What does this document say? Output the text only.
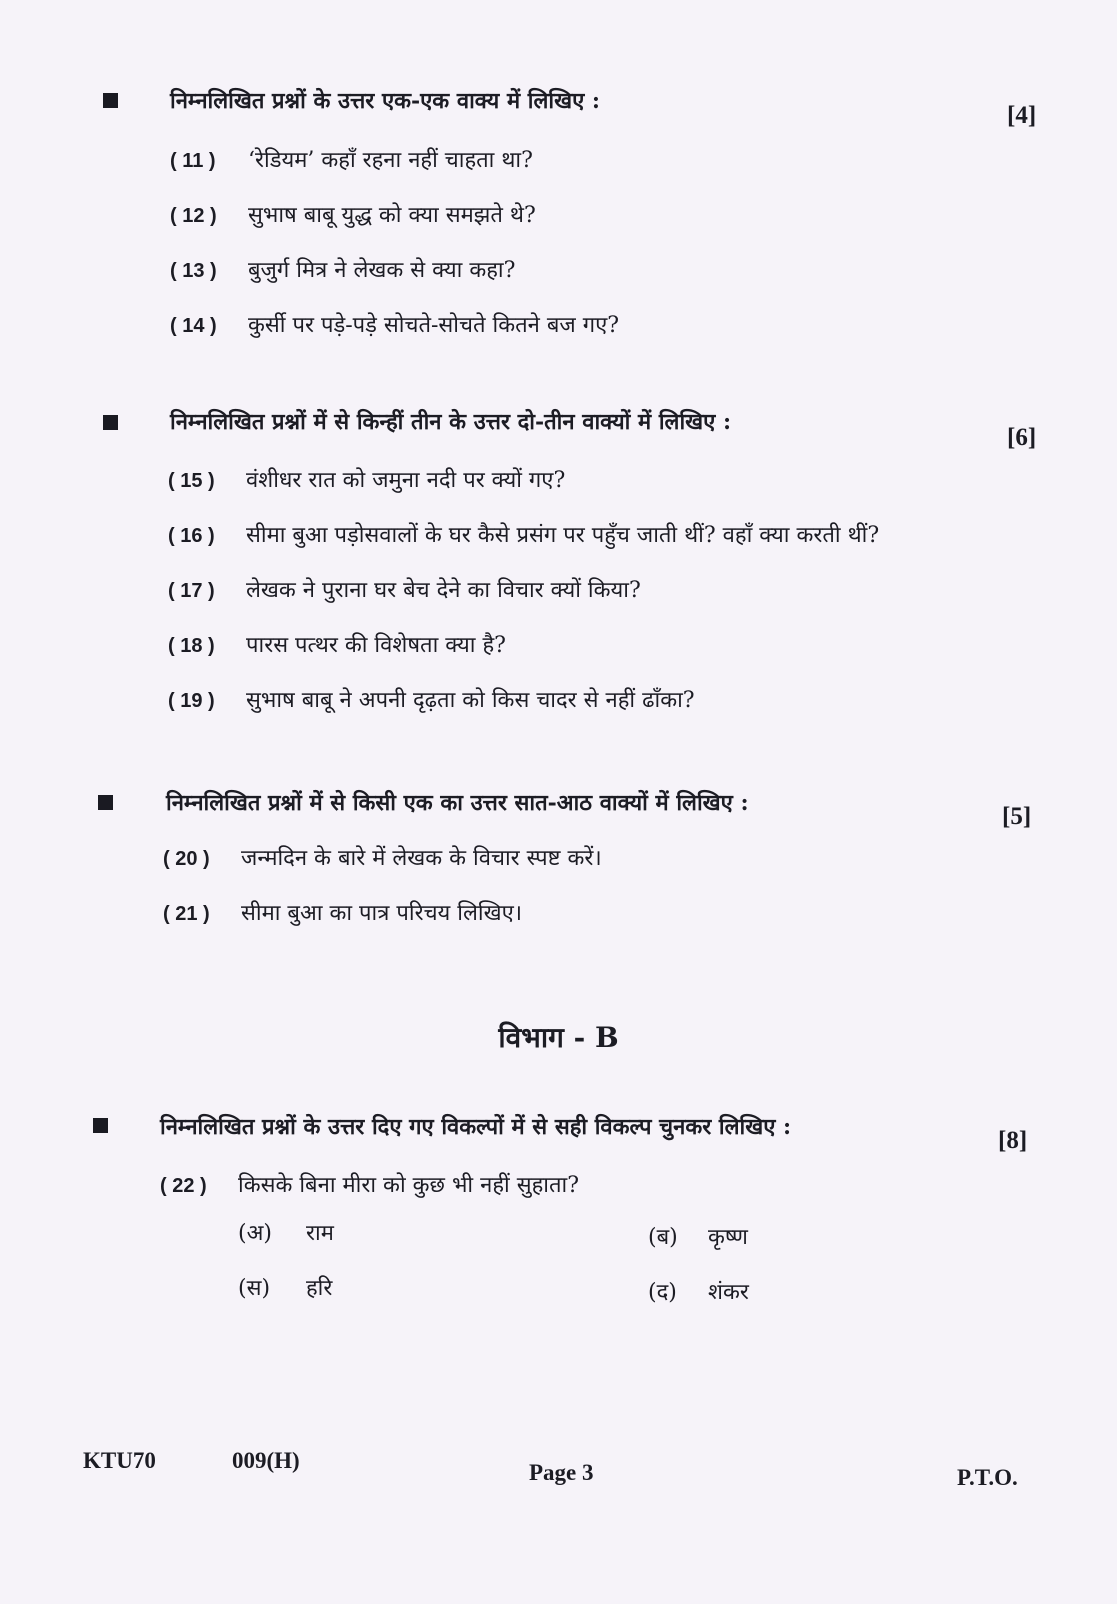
निम्नलिखित प्रश्नों के उत्तर एक-एक वाक्य में लिखिए :
[4]
( 11 ) ‘रेडियम’ कहाँ रहना नहीं चाहता था?
( 12 ) सुभाष बाबू युद्ध को क्या समझते थे?
( 13 ) बुजुर्ग मित्र ने लेखक से क्या कहा?
( 14 ) कुर्सी पर पड़े-पड़े सोचते-सोचते कितने बज गए?
निम्नलिखित प्रश्नों में से किन्हीं तीन के उत्तर दो-तीन वाक्यों में लिखिए :
[6]
( 15 ) वंशीधर रात को जमुना नदी पर क्यों गए?
( 16 ) सीमा बुआ पड़ोसवालों के घर कैसे प्रसंग पर पहुँच जाती थीं? वहाँ क्या करती थीं?
( 17 ) लेखक ने पुराना घर बेच देने का विचार क्यों किया?
( 18 ) पारस पत्थर की विशेषता क्या है?
( 19 ) सुभाष बाबू ने अपनी दृढ़ता को किस चादर से नहीं ढाँका?
निम्नलिखित प्रश्नों में से किसी एक का उत्तर सात-आठ वाक्यों में लिखिए :	[5]
( 20 ) जन्मदिन के बारे में लेखक के विचार स्पष्ट करें।
( 21 ) सीमा बुआ का पात्र परिचय लिखिए।
विभाग - B
निम्नलिखित प्रश्नों के उत्तर दिए गए विकल्पों में से सही विकल्प चुनकर लिखिए :	[8]
( 22 ) किसके बिना मीरा को कुछ भी नहीं सुहाता?
(अ) राम	(ब) कृष्ण
(स) हरि	(द) शंकर
KTU70	009(H)	Page 3	P.T.O.
